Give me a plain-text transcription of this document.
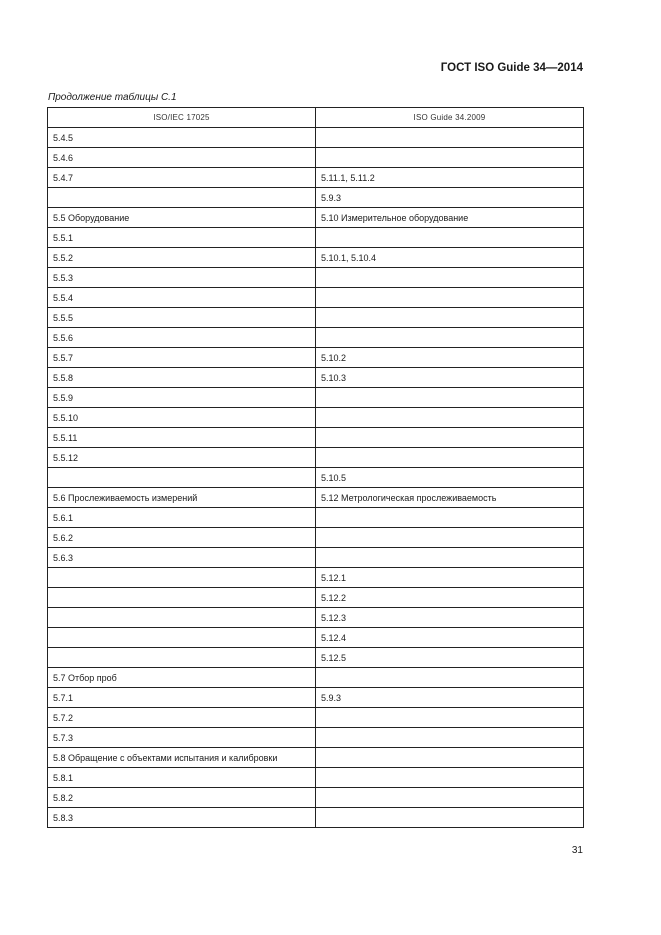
ГОСТ ISO Guide 34—2014
Продолжение таблицы С.1
ISO/IEC 17025	ISO Guide 34.2009
5.4.5	
5.4.6	
5.4.7	5.11.1, 5.11.2
	5.9.3
5.5 Оборудование	5.10 Измерительное оборудование
5.5.1	
5.5.2	5.10.1, 5.10.4
5.5.3	
5.5.4	
5.5.5	
5.5.6	
5.5.7	5.10.2
5.5.8	5.10.3
5.5.9	
5.5.10	
5.5.11	
5.5.12	
	5.10.5
5.6 Прослеживаемость измерений	5.12 Метрологическая прослеживаемость
5.6.1	
5.6.2	
5.6.3	
	5.12.1
	5.12.2
	5.12.3
	5.12.4
	5.12.5
5.7 Отбор проб	
5.7.1	5.9.3
5.7.2	
5.7.3	
5.8 Обращение с объектами испытания и калибровки	
5.8.1	
5.8.2	
5.8.3	
31
